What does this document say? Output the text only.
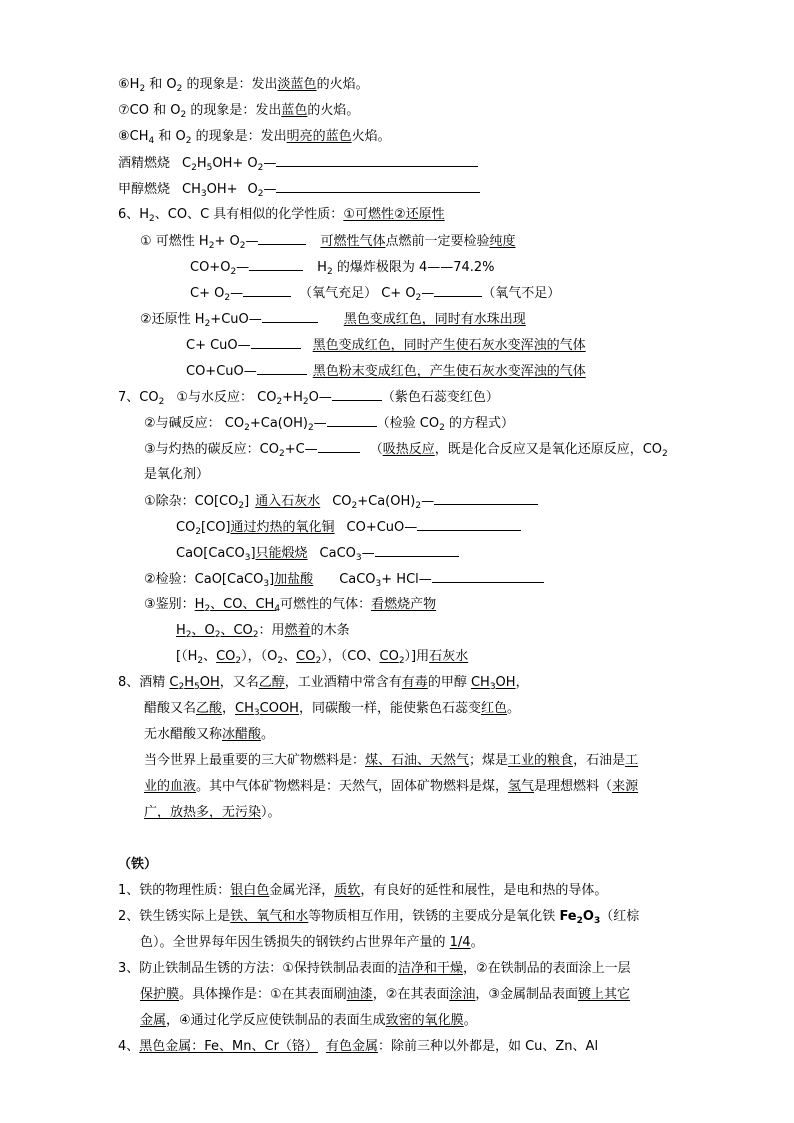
$⑥H_2$ 和 $O_2$ 的现象是：发出淡蓝色的火焰。
⑦CO 和 $O_2$ 的现象是：发出蓝色的火焰。
$⑧CH_4$ 和 $O_2$ 的现象是：发出明亮的蓝色火焰。
酒精燃烧 $C_2H_5OH+$ $O_2—$
甲醇燃烧 $CH_3OH+$ $O_2—$
6、$H_2$、CO、C 具有相似的化学性质：①可燃性②还原性
① 可燃性 $H_2+$ $O_2—$	可燃性气体点燃前一定要检验纯度
$CO+O_2—$	$H_2$ 的爆炸极限为 4——74.2%
$C+ O_2—$	（氧气充足） $C+ O_2—$	（氧气不足）
②还原性 $H_2+CuO—$	黑色变成红色，同时有水珠出现
C+ CuO—	黑色变成红色，同时产生使石灰水变浑浊的气体
CO+CuO—	黑色粉末变成红色，产生使石灰水变浑浊的气体
7、$CO_2$ ①与水反应： $CO_2+H_2O—$	（紫色石蕊变红色）
②与碱反应： $CO_2+Ca(OH)_2—$	（检验 $CO_2$ 的方程式）
③与灼热的碳反应：$CO_2+C—$	（吸热反应，既是化合反应又是氧化还原反应，$CO_2$
是氧化剂）
①除杂：$CO[CO_2]$ 通入石灰水 $CO_2+Ca(OH)_2—$
$CO_2[CO]$通过灼热的氧化铜 CO+CuO—
CaO[CaCO$_3$]只能煅烧 CaCO$_3$—
②检验：CaO[CaCO$_3$]加盐酸 CaCO$_3$+ HCl—
③鉴别：$H_2$、CO、$CH_4$可燃性的气体：看燃烧产物
$H_2$、$O_2$、$CO_2$：用燃着的木条
[（$H_2$、$CO_2$），（$O_2$、$CO_2$），（CO、$CO_2$）]用石灰水
8、酒精 $C_2H_5OH$，又名乙醇，工业酒精中常含有有毒的甲醇 $CH_3OH$，
醋酸又名乙酸，$CH_3COOH$，同碳酸一样，能使紫色石蕊变红色。
无水醋酸又称冰醋酸。
当今世界上最重要的三大矿物燃料是：煤、石油、天然气；煤是工业的粮食，石油是工
业的血液。其中气体矿物燃料是：天然气，固体矿物燃料是煤，氢气是理想燃料（来源
广，放热多，无污染）。
（铁）
1、铁的物理性质：银白色金属光泽，质软，有良好的延性和展性，是电和热的导体。
2、铁生锈实际上是铁、氧气和水等物质相互作用，铁锈的主要成分是氧化铁 $Fe_2O_3$（红棕
色）。全世界每年因生锈损失的钢铁约占世界年产量的 1/4。
3、防止铁制品生锈的方法：①保持铁制品表面的洁净和干燥，②在铁制品的表面涂上一层
保护膜。具体操作是：①在其表面刷油漆，②在其表面涂油，③金属制品表面镀上其它
金属，④通过化学反应使铁制品的表面生成致密的氧化膜。
4、黑色金属：Fe、Mn、Cr（铬） 有色金属：除前三种以外都是，如 Cu、Zn、Al
